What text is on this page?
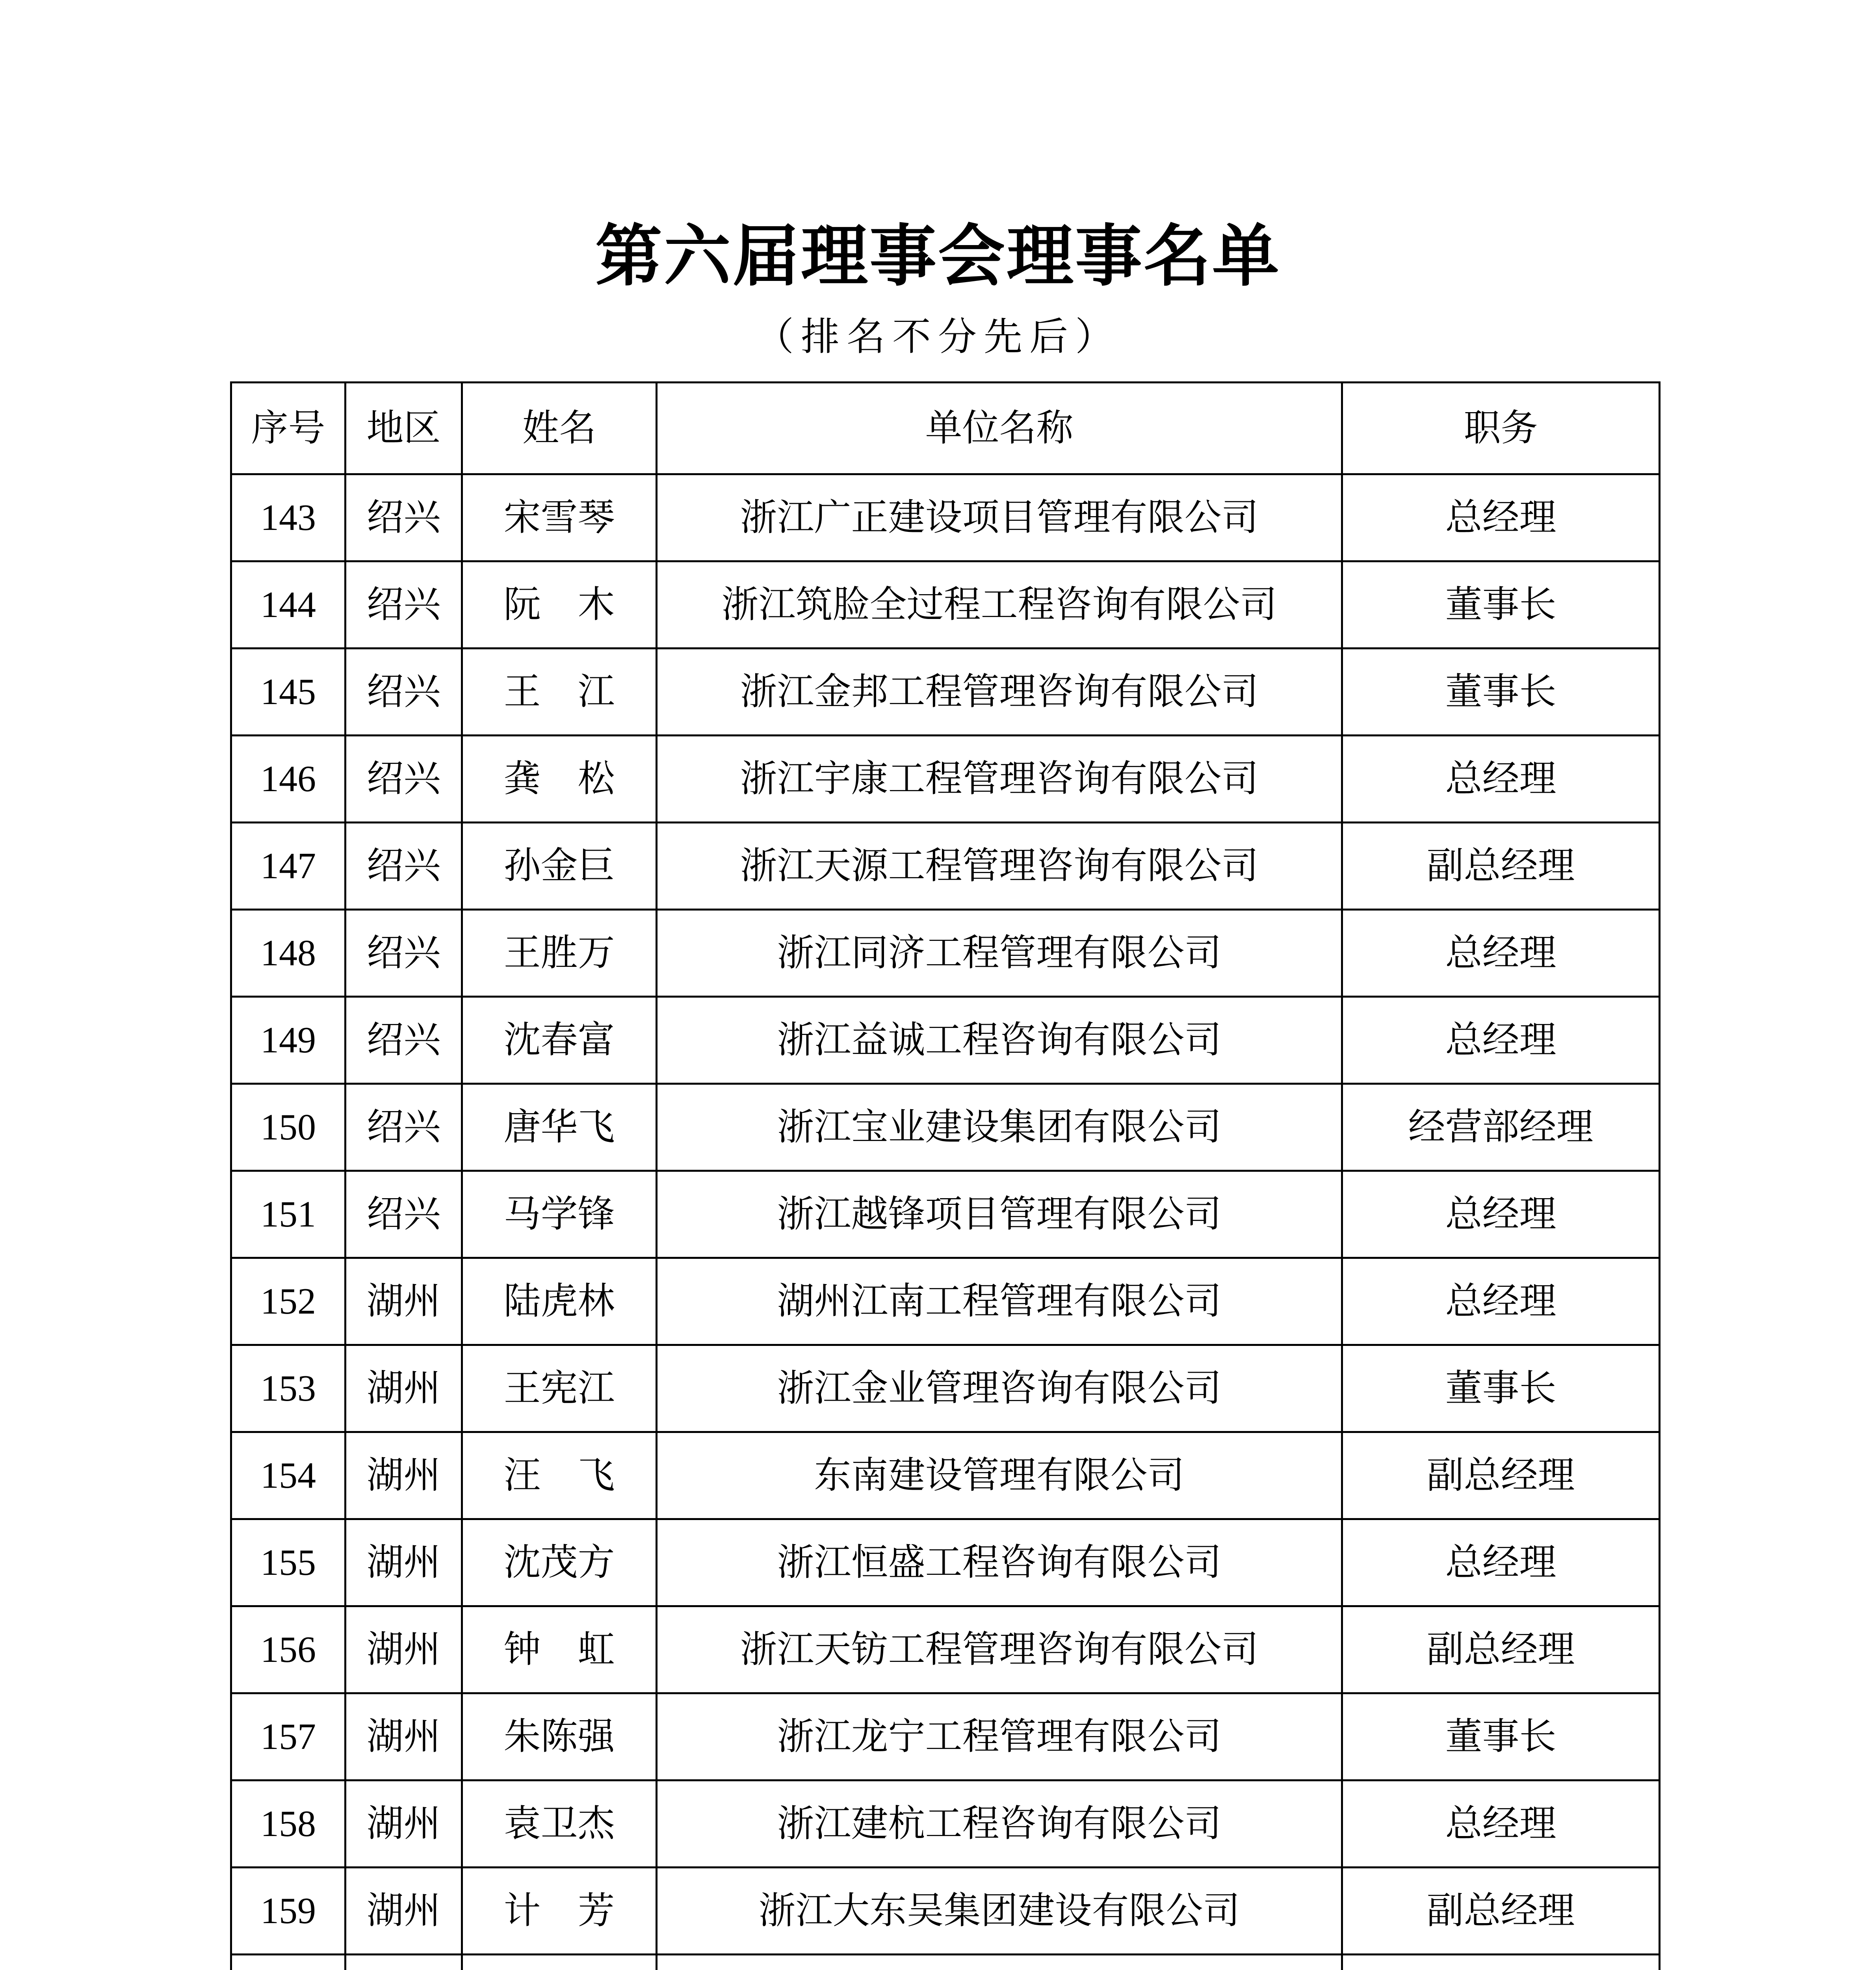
第六届理事会理事名单
（排名不分先后）
序号	地区	姓名	单位名称	职务
143	绍兴	宋雪琴	浙江广正建设项目管理有限公司	总经理
144	绍兴	阮　木	浙江筑脸全过程工程咨询有限公司	董事长
145	绍兴	王　江	浙江金邦工程管理咨询有限公司	董事长
146	绍兴	龚　松	浙江宇康工程管理咨询有限公司	总经理
147	绍兴	孙金巨	浙江天源工程管理咨询有限公司	副总经理
148	绍兴	王胜万	浙江同济工程管理有限公司	总经理
149	绍兴	沈春富	浙江益诚工程咨询有限公司	总经理
150	绍兴	唐华飞	浙江宝业建设集团有限公司	经营部经理
151	绍兴	马学锋	浙江越锋项目管理有限公司	总经理
152	湖州	陆虎林	湖州江南工程管理有限公司	总经理
153	湖州	王宪江	浙江金业管理咨询有限公司	董事长
154	湖州	汪　飞	东南建设管理有限公司	副总经理
155	湖州	沈茂方	浙江恒盛工程咨询有限公司	总经理
156	湖州	钟　虹	浙江天钫工程管理咨询有限公司	副总经理
157	湖州	朱陈强	浙江龙宁工程管理有限公司	董事长
158	湖州	袁卫杰	浙江建杭工程咨询有限公司	总经理
159	湖州	计　芳	浙江大东吴集团建设有限公司	副总经理
